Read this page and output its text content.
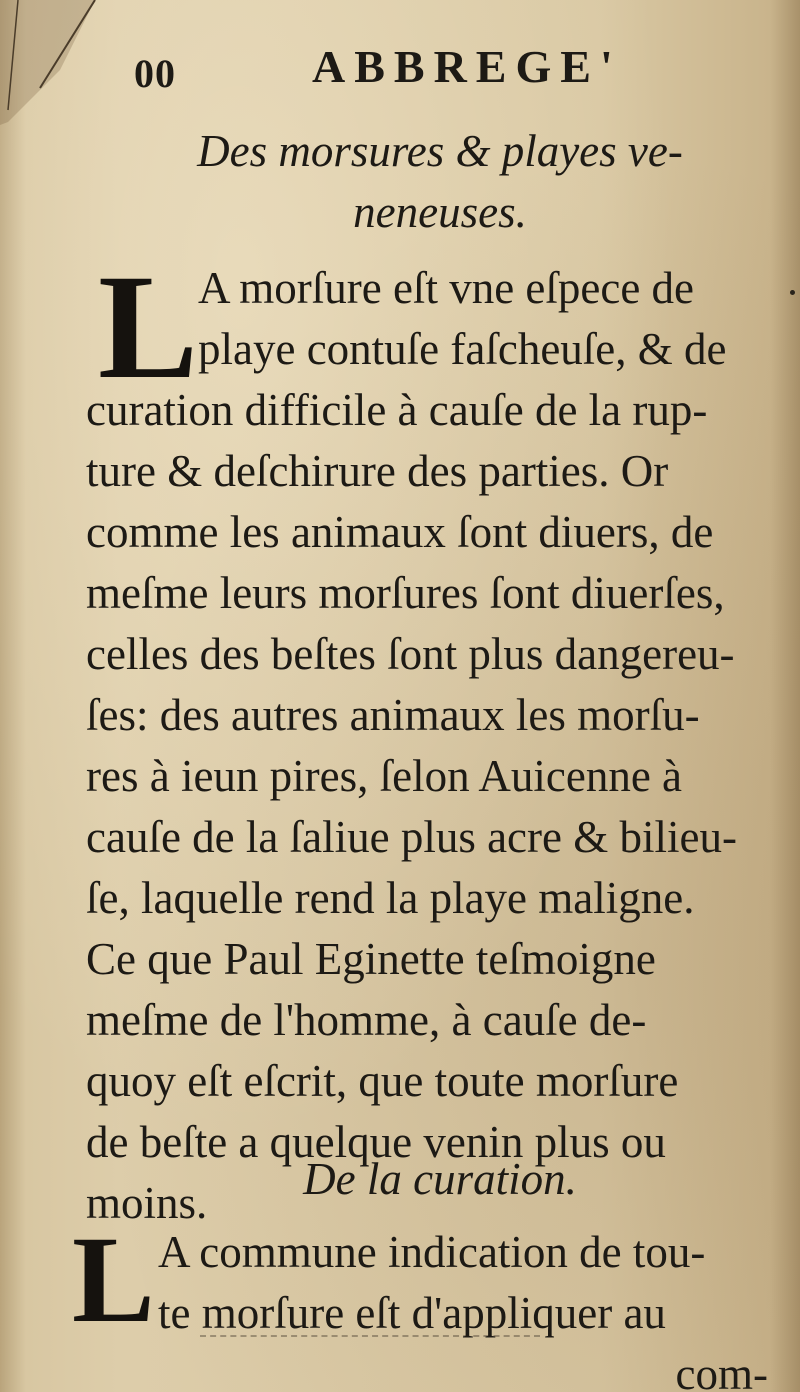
00	ABBREGE'
Des morsures & playes ve-
neneuses.
L A morſure eſt vne eſpece de
playe contuſe faſcheuſe, & de
curation difficile à cauſe de la rup-
ture & deſchirure des parties. Or
comme les animaux ſont diuers, de
meſme leurs morſures ſont diuerſes,
celles des beſtes ſont plus dangereu-
ſes: des autres animaux les morſu-
res à ieun pires, ſelon Auicenne à
cauſe de la ſaliue plus acre & bilieu-
ſe, laquelle rend la playe maligne.
Ce que Paul Eginette teſmoigne
meſme de l'homme, à cauſe de-
quoy eſt eſcrit, que toute morſure
de beſte a quelque venin plus ou
moins.	De la curation.
L A commune indication de tou-
te morſure eſt d'appliquer au
com-
